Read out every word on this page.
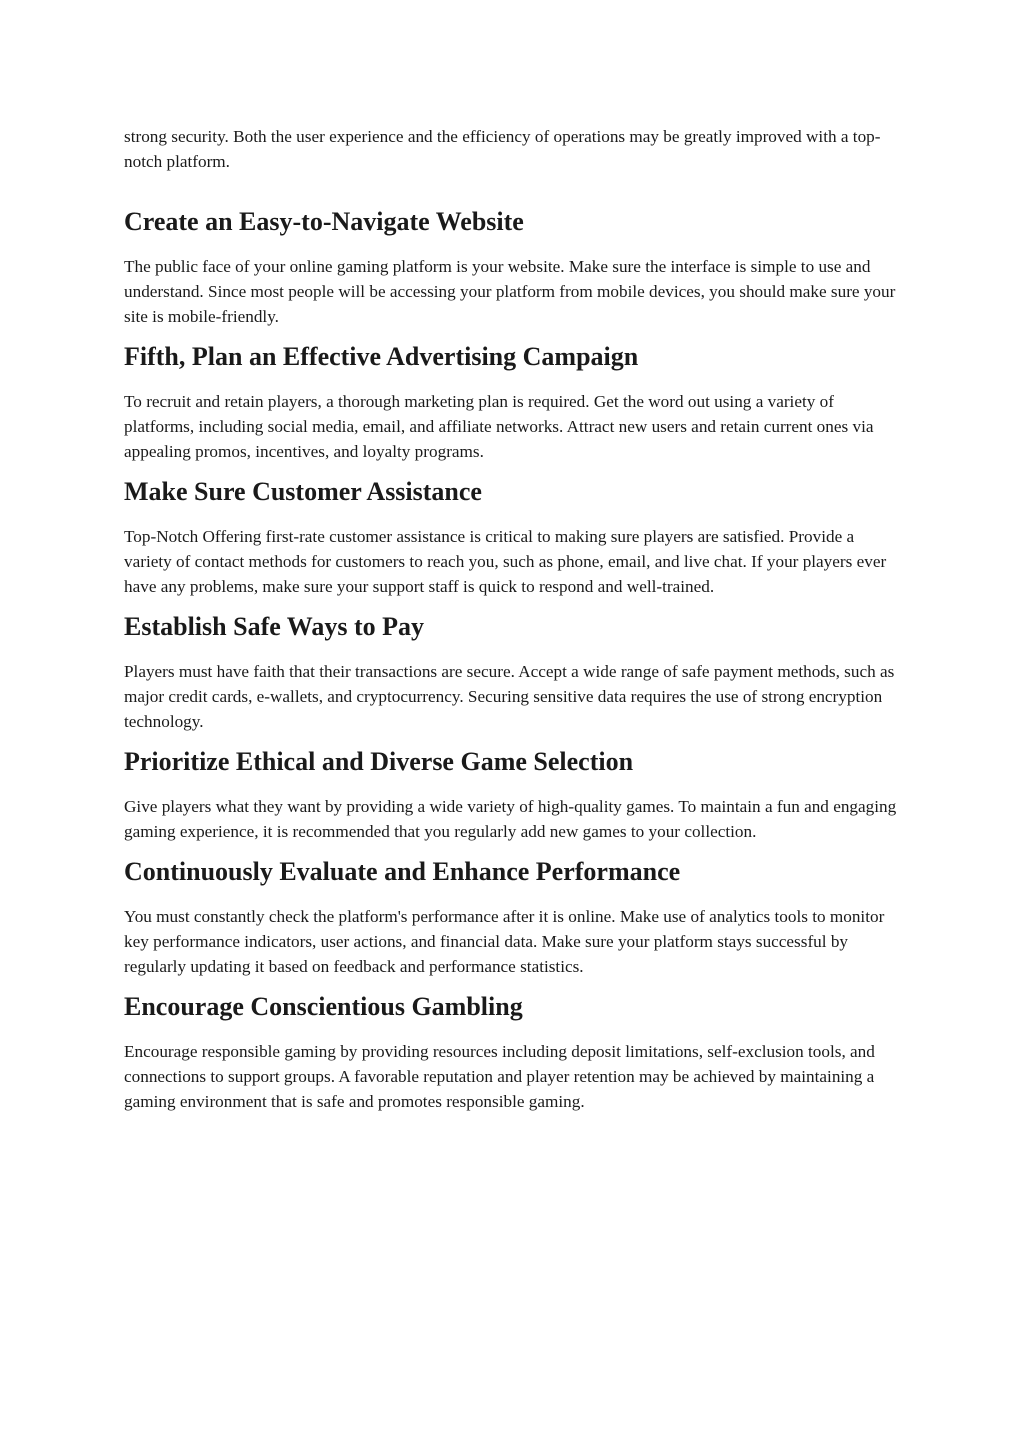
strong security. Both the user experience and the efficiency of operations may be greatly improved with a top-notch platform.

Create an Easy-to-Navigate Website

The public face of your online gaming platform is your website. Make sure the interface is simple to use and understand. Since most people will be accessing your platform from mobile devices, you should make sure your site is mobile-friendly.

Fifth, Plan an Effective Advertising Campaign

To recruit and retain players, a thorough marketing plan is required. Get the word out using a variety of platforms, including social media, email, and affiliate networks. Attract new users and retain current ones via appealing promos, incentives, and loyalty programs.

Make Sure Customer Assistance

Top-Notch Offering first-rate customer assistance is critical to making sure players are satisfied. Provide a variety of contact methods for customers to reach you, such as phone, email, and live chat. If your players ever have any problems, make sure your support staff is quick to respond and well-trained.

Establish Safe Ways to Pay

Players must have faith that their transactions are secure. Accept a wide range of safe payment methods, such as major credit cards, e-wallets, and cryptocurrency. Securing sensitive data requires the use of strong encryption technology.

Prioritize Ethical and Diverse Game Selection

Give players what they want by providing a wide variety of high-quality games. To maintain a fun and engaging gaming experience, it is recommended that you regularly add new games to your collection.

Continuously Evaluate and Enhance Performance

You must constantly check the platform's performance after it is online. Make use of analytics tools to monitor key performance indicators, user actions, and financial data. Make sure your platform stays successful by regularly updating it based on feedback and performance statistics.

Encourage Conscientious Gambling

Encourage responsible gaming by providing resources including deposit limitations, self-exclusion tools, and connections to support groups. A favorable reputation and player retention may be achieved by maintaining a gaming environment that is safe and promotes responsible gaming.
